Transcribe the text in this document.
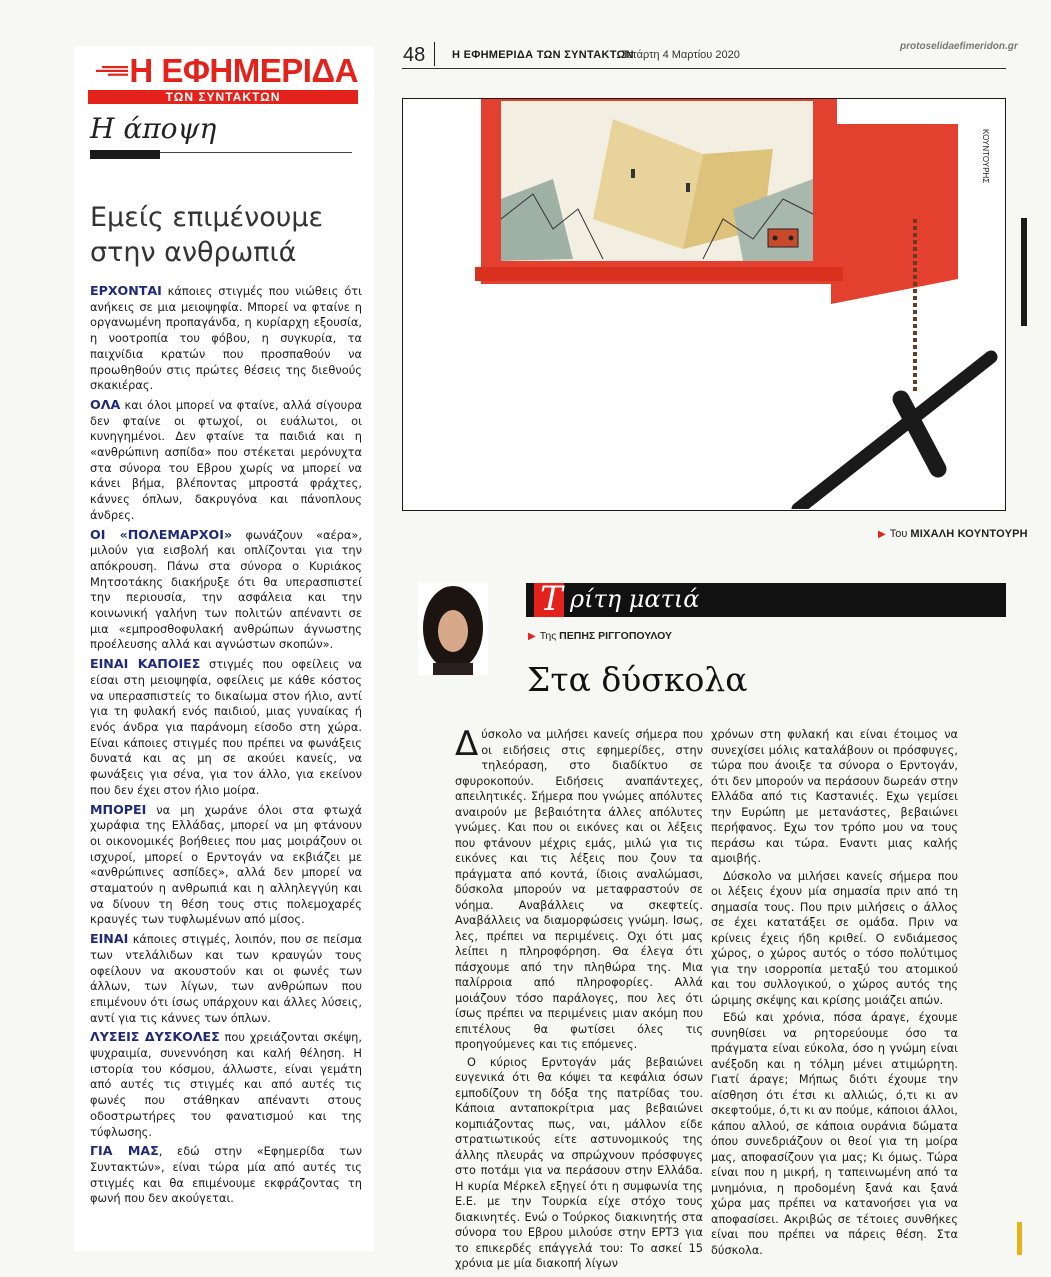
Η ΕΦΗΜΕΡΙΔΑ
ΤΩΝ ΣΥΝΤΑΚΤΩΝ
Η άποψη
Εμείς επιμένουμε στην ανθρωπιά

ΕΡΧΟΝΤΑΙ κάποιες στιγμές που νιώθεις ότι ανήκεις σε μια μειοψηφία. Μπορεί να φταίνε η οργανωμένη προπαγάνδα, η κυρίαρχη εξουσία, η νοοτροπία του φόβου, η συγκυρία, τα παιχνίδια κρατών που προσπαθούν να προωθηθούν στις πρώτες θέσεις της διεθνούς σκακιέρας.

ΟΛΑ και όλοι μπορεί να φταίνε, αλλά σίγουρα δεν φταίνε οι φτωχοί, οι ευάλωτοι, οι κυνηγημένοι. Δεν φταίνε τα παιδιά και η «ανθρώπινη ασπίδα» που στέκεται μερόνυχτα στα σύνορα του Εβρου χωρίς να μπορεί να κάνει βήμα, βλέποντας μπροστά φράχτες, κάννες όπλων, δακρυγόνα και πάνοπλους άνδρες.

ΟΙ «ΠΟΛΕΜΑΡΧΟΙ» φωνάζουν «αέρα», μιλούν για εισβολή και οπλίζονται για την απόκρουση. Πάνω στα σύνορα ο Κυριάκος Μητσοτάκης διακήρυξε ότι θα υπερασπιστεί την περιουσία, την ασφάλεια και την κοινωνική γαλήνη των πολιτών απέναντι σε μια «εμπροσθοφυλακή ανθρώπων άγνωστης προέλευσης αλλά και αγνώστων σκοπών».

ΕΙΝΑΙ ΚΑΠΟΙΕΣ στιγμές που οφείλεις να είσαι στη μειοψηφία, οφείλεις με κάθε κόστος να υπερασπιστείς το δικαίωμα στον ήλιο, αντί για τη φυλακή ενός παιδιού, μιας γυναίκας ή ενός άνδρα για παράνομη είσοδο στη χώρα. Είναι κάποιες στιγμές που πρέπει να φωνάξεις δυνατά και ας μη σε ακούει κανείς, να φωνάξεις για σένα, για τον άλλο, για εκείνον που δεν έχει στον ήλιο μοίρα.

ΜΠΟΡΕΙ να μη χωράνε όλοι στα φτωχά χωράφια της Ελλάδας, μπορεί να μη φτάνουν οι οικονομικές βοήθειες που μας μοιράζουν οι ισχυροί, μπορεί ο Ερντογάν να εκβιάζει με «ανθρώπινες ασπίδες», αλλά δεν μπορεί να σταματούν η ανθρωπιά και η αλληλεγγύη και να δίνουν τη θέση τους στις πολεμοχαρές κραυγές των τυφλωμένων από μίσος.

ΕΙΝΑΙ κάποιες στιγμές, λοιπόν, που σε πείσμα των ντελάλιδων και των κραυγών τους οφείλουν να ακουστούν και οι φωνές των άλλων, των λίγων, των ανθρώπων που επιμένουν ότι ίσως υπάρχουν και άλλες λύσεις, αντί για τις κάννες των όπλων.

ΛΥΣΕΙΣ ΔΥΣΚΟΛΕΣ που χρειάζονται σκέψη, ψυχραιμία, συνεννόηση και καλή θέληση. Η ιστορία του κόσμου, άλλωστε, είναι γεμάτη από αυτές τις στιγμές και από αυτές τις φωνές που στάθηκαν απέναντι στους οδοστρωτήρες του φανατισμού και της τύφλωσης.

ΓΙΑ ΜΑΣ, εδώ στην «Εφημερίδα των Συντακτών», είναι τώρα μία από αυτές τις στιγμές και θα επιμένουμε εκφράζοντας τη φωνή που δεν ακούγεται.

48 Η ΕΦΗΜΕΡΙΔΑ ΤΩΝ ΣΥΝΤΑΚΤΩΝ
Τετάρτη 4 Μαρτίου 2020
protoselidaefimeridon.gr
ΚΟΥΝΤΟΥΡΗΣ
▶ Του ΜΙΧΑΛΗ ΚΟΥΝΤΟΥΡΗ
Τ ρίτη ματιά
▶ Της ΠΕΠΗΣ ΡΙΓΓΟΠΟΥΛΟΥ
Στα δύσκολα

Δύσκολο να μιλήσει κανείς σήμερα που οι ειδήσεις στις εφημερίδες, στην τηλεόραση, στο διαδίκτυο σε σφυροκοπούν. Ειδήσεις αναπάντεχες, απειλητικές. Σήμερα που γνώμες απόλυτες αναιρούν με βεβαιότητα άλλες απόλυτες γνώμες. Και που οι εικόνες και οι λέξεις που φτάνουν μέχρις εμάς, μιλώ για τις εικόνες και τις λέξεις που ζουν τα πράγματα από κοντά, ίδιοις αναλώμασι, δύσκολα μπορούν να μεταφραστούν σε νόημα. Αναβάλλεις να σκεφτείς. Αναβάλλεις να διαμορφώσεις γνώμη. Ισως, λες, πρέπει να περιμένεις. Οχι ότι μας λείπει η πληροφόρηση. Θα έλεγα ότι πάσχουμε από την πληθώρα της. Μια παλίρροια από πληροφορίες. Αλλά μοιάζουν τόσο παράλογες, που λες ότι ίσως πρέπει να περιμένεις μιαν ακόμη που επιτέλους θα φωτίσει όλες τις προηγούμενες και τις επόμενες.

Ο κύριος Ερντογάν μάς βεβαιώνει ευγενικά ότι θα κόψει τα κεφάλια όσων εμποδίζουν τη δόξα της πατρίδας του. Κάποια ανταποκρίτρια μας βεβαιώνει κομπιάζοντας πως, ναι, μάλλον είδε στρατιωτικούς είτε αστυνομικούς της άλλης πλευράς να σπρώχνουν πρόσφυγες στο ποτάμι για να περάσουν στην Ελλάδα. Η κυρία Μέρκελ εξηγεί ότι η συμφωνία της Ε.Ε. με την Τουρκία είχε στόχο τους διακινητές. Ενώ ο Τούρκος διακινητής στα σύνορα του Εβρου μιλούσε στην ΕΡΤ3 για το επικερδές επάγγελά του: Το ασκεί 15 χρόνια με μία διακοπή λίγων

χρόνων στη φυλακή και είναι έτοιμος να συνεχίσει μόλις καταλάβουν οι πρόσφυγες, τώρα που άνοιξε τα σύνορα ο Ερντογάν, ότι δεν μπορούν να περάσουν δωρεάν στην Ελλάδα από τις Καστανιές. Εχω γεμίσει την Ευρώπη με μετανάστες, βεβαιώνει περήφανος. Εχω τον τρόπο μου να τους περάσω και τώρα. Εναντι μιας καλής αμοιβής.

Δύσκολο να μιλήσει κανείς σήμερα που οι λέξεις έχουν μία σημασία πριν από τη σημασία τους. Που πριν μιλήσεις ο άλλος σε έχει κατατάξει σε ομάδα. Πριν να κρίνεις έχεις ήδη κριθεί. Ο ενδιάμεσος χώρος, ο χώρος αυτός ο τόσο πολύτιμος για την ισορροπία μεταξύ του ατομικού και του συλλογικού, ο χώρος αυτός της ώριμης σκέψης και κρίσης μοιάζει απών.

Εδώ και χρόνια, πόσα άραγε, έχουμε συνηθίσει να ρητορεύουμε όσο τα πράγματα είναι εύκολα, όσο η γνώμη είναι ανέξοδη και η τόλμη μένει ατιμώρητη. Γιατί άραγε; Μήπως διότι έχουμε την αίσθηση ότι έτσι κι αλλιώς, ό,τι κι αν σκεφτούμε, ό,τι κι αν πούμε, κάποιοι άλλοι, κάπου αλλού, σε κάποια ουράνια δώματα όπου συνεδριάζουν οι θεοί για τη μοίρα μας, αποφασίζουν για μας; Κι όμως. Τώρα είναι που η μικρή, η ταπεινωμένη από τα μνημόνια, η προδομένη ξανά και ξανά χώρα μας πρέπει να κατανοήσει για να αποφασίσει. Ακριβώς σε τέτοιες συνθήκες είναι που πρέπει να πάρεις θέση. Στα δύσκολα.
